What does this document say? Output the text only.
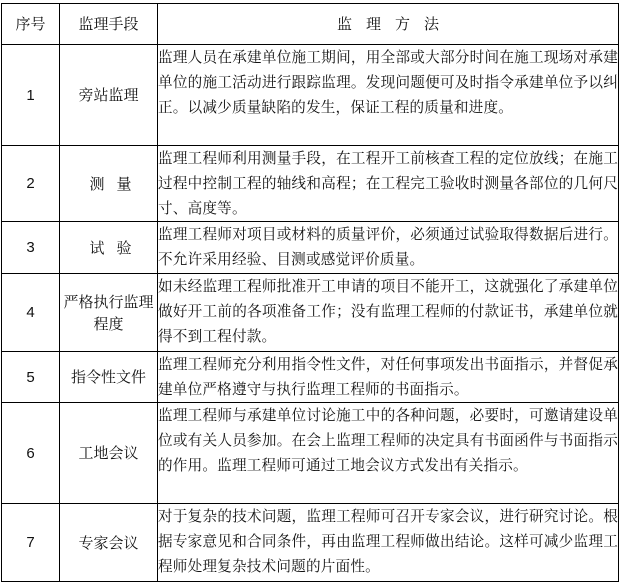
序号	监理手段	监理方法
1	旁站监理	监理人员在承建单位施工期间，用全部或大部分时间在施工现场对承建单位的施工活动进行跟踪监理。发现问题便可及时指令承建单位予以纠正。以减少质量缺陷的发生，保证工程的质量和进度。
2	测量	监理工程师利用测量手段，在工程开工前核查工程的定位放线；在施工过程中控制工程的轴线和高程；在工程完工验收时测量各部位的几何尺寸、高度等。
3	试验	监理工程师对项目或材料的质量评价，必须通过试验取得数据后进行。不允许采用经验、目测或感觉评价质量。
4	严格执行监理程度	如未经监理工程师批准开工申请的项目不能开工，这就强化了承建单位做好开工前的各项准备工作；没有监理工程师的付款证书，承建单位就得不到工程付款。
5	指令性文件	监理工程师充分利用指令性文件，对任何事项发出书面指示，并督促承建单位严格遵守与执行监理工程师的书面指示。
6	工地会议	监理工程师与承建单位讨论施工中的各种问题，必要时，可邀请建设单位或有关人员参加。在会上监理工程师的决定具有书面函件与书面指示的作用。监理工程师可通过工地会议方式发出有关指示。
7	专家会议	对于复杂的技术问题，监理工程师可召开专家会议，进行研究讨论。根据专家意见和合同条件，再由监理工程师做出结论。这样可减少监理工程师处理复杂技术问题的片面性。
